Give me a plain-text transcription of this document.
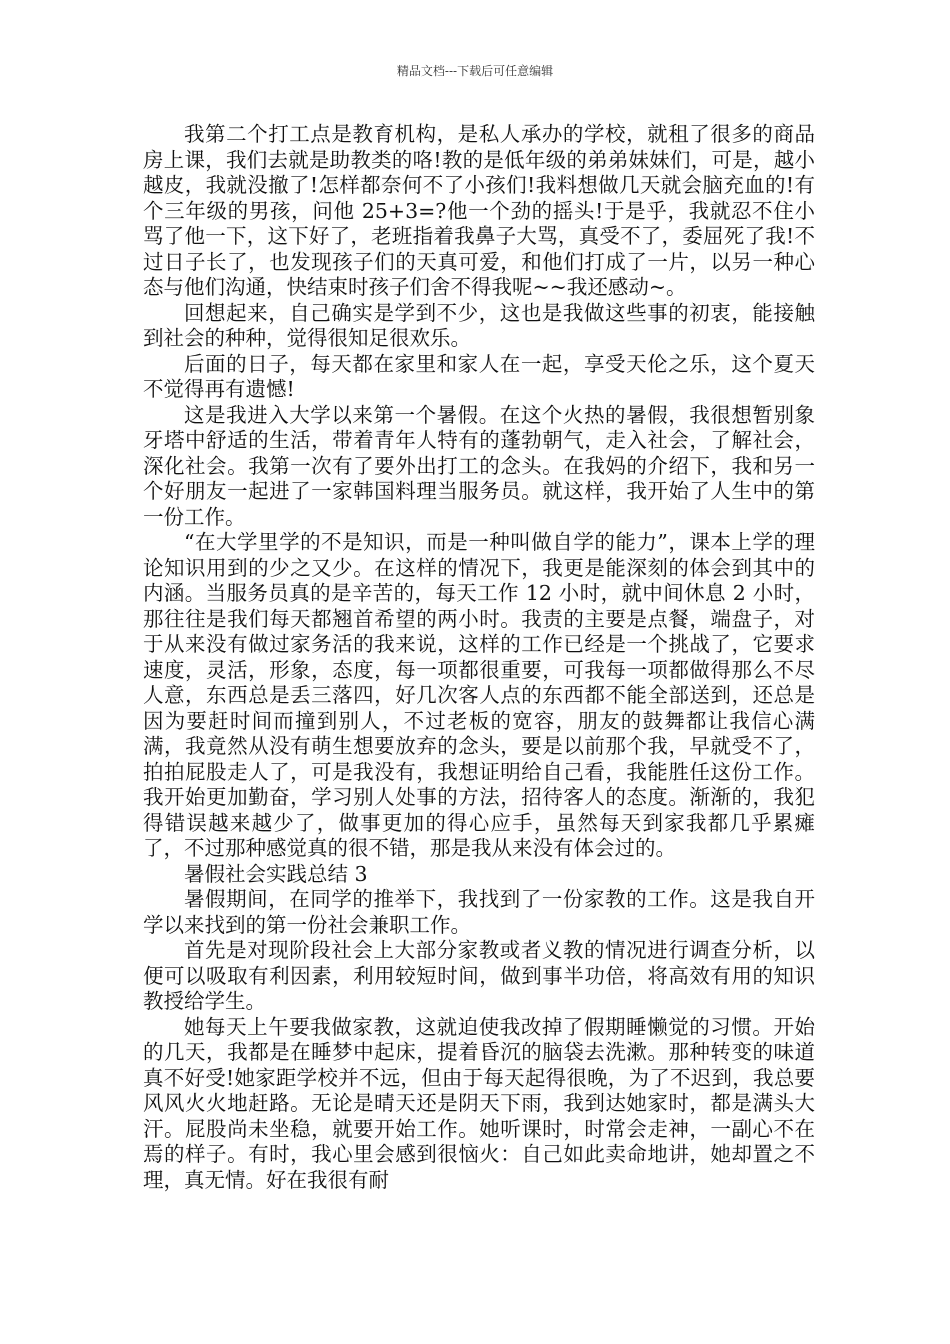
精品文档---下载后可任意编辑

我第二个打工点是教育机构，是私人承办的学校，就租了很多的商品房上课，我们去就是助教类的咯!教的是低年级的弟弟妹妹们，可是，越小越皮，我就没撤了!怎样都奈何不了小孩们!我料想做几天就会脑充血的!有个三年级的男孩，问他 25+3=?他一个劲的摇头!于是乎，我就忍不住小骂了他一下，这下好了，老班指着我鼻子大骂，真受不了，委屈死了我!不过日子长了，也发现孩子们的天真可爱，和他们打成了一片，以另一种心态与他们沟通，快结束时孩子们舍不得我呢~~我还感动~。

回想起来，自己确实是学到不少，这也是我做这些事的初衷，能接触到社会的种种，觉得很知足很欢乐。

后面的日子，每天都在家里和家人在一起，享受天伦之乐，这个夏天不觉得再有遗憾!

这是我进入大学以来第一个暑假。在这个火热的暑假，我很想暂别象牙塔中舒适的生活，带着青年人特有的蓬勃朝气，走入社会，了解社会，深化社会。我第一次有了要外出打工的念头。在我妈的介绍下，我和另一个好朋友一起进了一家韩国料理当服务员。就这样，我开始了人生中的第一份工作。

“在大学里学的不是知识，而是一种叫做自学的能力”，课本上学的理论知识用到的少之又少。在这样的情况下，我更是能深刻的体会到其中的内涵。当服务员真的是辛苦的，每天工作 12 小时，就中间休息 2 小时，那往往是我们每天都翘首希望的两小时。我责的主要是点餐，端盘子，对于从来没有做过家务活的我来说，这样的工作已经是一个挑战了，它要求速度，灵活，形象，态度，每一项都很重要，可我每一项都做得那么不尽人意，东西总是丢三落四，好几次客人点的东西都不能全部送到，还总是因为要赶时间而撞到别人，不过老板的宽容，朋友的鼓舞都让我信心满满，我竟然从没有萌生想要放弃的念头，要是以前那个我，早就受不了，拍拍屁股走人了，可是我没有，我想证明给自己看，我能胜任这份工作。我开始更加勤奋，学习别人处事的方法，招待客人的态度。渐渐的，我犯得错误越来越少了，做事更加的得心应手，虽然每天到家我都几乎累瘫了，不过那种感觉真的很不错，那是我从来没有体会过的。

暑假社会实践总结 3

暑假期间，在同学的推举下，我找到了一份家教的工作。这是我自开学以来找到的第一份社会兼职工作。

首先是对现阶段社会上大部分家教或者义教的情况进行调查分析，以便可以吸取有利因素，利用较短时间，做到事半功倍，将高效有用的知识教授给学生。

她每天上午要我做家教，这就迫使我改掉了假期睡懒觉的习惯。开始的几天，我都是在睡梦中起床，提着昏沉的脑袋去洗漱。那种转变的味道真不好受!她家距学校并不远，但由于每天起得很晚，为了不迟到，我总要风风火火地赶路。无论是晴天还是阴天下雨，我到达她家时，都是满头大汗。屁股尚未坐稳，就要开始工作。她听课时，时常会走神，一副心不在焉的样子。有时，我心里会感到很恼火：自己如此卖命地讲，她却置之不理，真无情。好在我很有耐
